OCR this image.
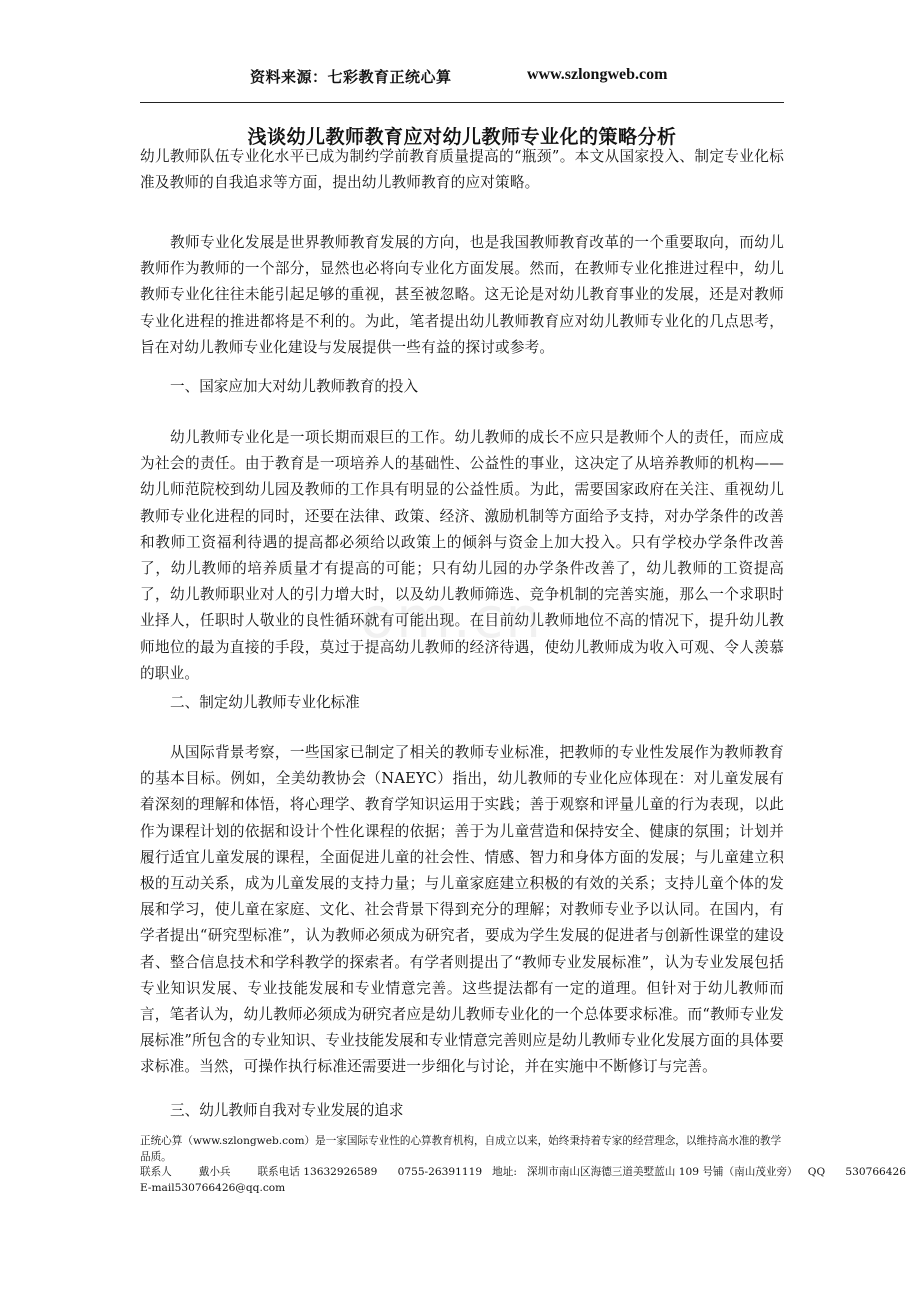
资料来源：七彩教育正统心算	www.szlongweb.com
浅谈幼儿教师教育应对幼儿教师专业化的策略分析

幼儿教师队伍专业化水平已成为制约学前教育质量提高的“瓶颈”。本文从国家投入、制定专业化标准及教师的自我追求等方面，提出幼儿教师教育的应对策略。

教师专业化发展是世界教师教育发展的方向，也是我国教师教育改革的一个重要取向，而幼儿教师作为教师的一个部分，显然也必将向专业化方面发展。然而，在教师专业化推进过程中，幼儿教师专业化往往未能引起足够的重视，甚至被忽略。这无论是对幼儿教育事业的发展，还是对教师专业化进程的推进都将是不利的。为此，笔者提出幼儿教师教育应对幼儿教师专业化的几点思考，旨在对幼儿教师专业化建设与发展提供一些有益的探讨或参考。

一、国家应加大对幼儿教师教育的投入

幼儿教师专业化是一项长期而艰巨的工作。幼儿教师的成长不应只是教师个人的责任，而应成为社会的责任。由于教育是一项培养人的基础性、公益性的事业，这决定了从培养教师的机构——幼儿师范院校到幼儿园及教师的工作具有明显的公益性质。为此，需要国家政府在关注、重视幼儿教师专业化进程的同时，还要在法律、政策、经济、激励机制等方面给予支持，对办学条件的改善和教师工资福利待遇的提高都必须给以政策上的倾斜与资金上加大投入。只有学校办学条件改善了，幼儿教师的培养质量才有提高的可能；只有幼儿园的办学条件改善了，幼儿教师的工资提高了，幼儿教师职业对人的引力增大时，以及幼儿教师筛选、竞争机制的完善实施，那么一个求职时业择人，任职时人敬业的良性循环就有可能出现。在目前幼儿教师地位不高的情况下，提升幼儿教师地位的最为直接的手段，莫过于提高幼儿教师的经济待遇，使幼儿教师成为收入可观、令人羡慕的职业。

om.cn
二、制定幼儿教师专业化标准

从国际背景考察，一些国家已制定了相关的教师专业标准，把教师的专业性发展作为教师教育的基本目标。例如，全美幼教协会（NAEYC）指出，幼儿教师的专业化应体现在：对儿童发展有着深刻的理解和体悟，将心理学、教育学知识运用于实践；善于观察和评量儿童的行为表现，以此作为课程计划的依据和设计个性化课程的依据；善于为儿童营造和保持安全、健康的氛围；计划并履行适宜儿童发展的课程，全面促进儿童的社会性、情感、智力和身体方面的发展；与儿童建立积极的互动关系，成为儿童发展的支持力量；与儿童家庭建立积极的有效的关系；支持儿童个体的发展和学习，使儿童在家庭、文化、社会背景下得到充分的理解；对教师专业予以认同。在国内，有学者提出“研究型标准”，认为教师必须成为研究者，要成为学生发展的促进者与创新性课堂的建设者、整合信息技术和学科教学的探索者。有学者则提出了“教师专业发展标准”，认为专业发展包括专业知识发展、专业技能发展和专业情意完善。这些提法都有一定的道理。但针对于幼儿教师而言，笔者认为，幼儿教师必须成为研究者应是幼儿教师专业化的一个总体要求标准。而“教师专业发展标准”所包含的专业知识、专业技能发展和专业情意完善则应是幼儿教师专业化发展方面的具体要求标准。当然，可操作执行标准还需要进一步细化与讨论，并在实施中不断修订与完善。

三、幼儿教师自我对专业发展的追求
正统心算（www.szlongweb.com）是一家国际专业性的心算教育机构，自成立以来，始终秉持着专家的经营理念，以维持高水准的教学品质。
联系人	戴小兵	联系电话 13632926589 0755-26391119 地址: 深圳市南山区海德三道美墅蓝山 109 号铺（南山茂业旁） QQ 530766426
E-mail530766426@qq.com
